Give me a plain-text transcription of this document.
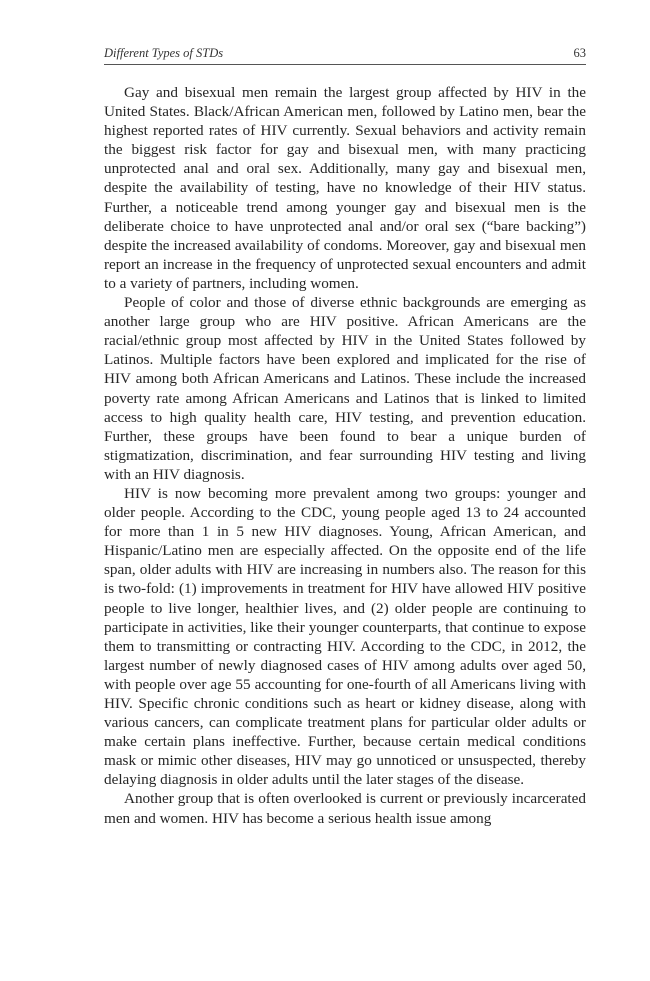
Different Types of STDs	63

Gay and bisexual men remain the largest group affected by HIV in the United States. Black/African American men, followed by Latino men, bear the highest reported rates of HIV currently. Sexual behaviors and activity remain the biggest risk factor for gay and bisexual men, with many practicing unprotected anal and oral sex. Additionally, many gay and bisexual men, despite the availability of testing, have no knowledge of their HIV status. Further, a noticeable trend among younger gay and bisexual men is the deliberate choice to have unprotected anal and/or oral sex (“bare backing”) despite the increased availability of condoms. Moreover, gay and bisexual men report an increase in the frequency of unprotected sexual encounters and admit to a variety of partners, including women.

People of color and those of diverse ethnic backgrounds are emerging as another large group who are HIV positive. African Americans are the racial/ethnic group most affected by HIV in the United States followed by Latinos. Multiple factors have been explored and implicated for the rise of HIV among both African Americans and Latinos. These include the increased poverty rate among African Americans and Latinos that is linked to limited access to high quality health care, HIV testing, and prevention education. Further, these groups have been found to bear a unique burden of stigmatization, discrimination, and fear surrounding HIV testing and living with an HIV diagnosis.

HIV is now becoming more prevalent among two groups: younger and older people. According to the CDC, young people aged 13 to 24 accounted for more than 1 in 5 new HIV diagnoses. Young, African American, and Hispanic/Latino men are especially affected. On the opposite end of the life span, older adults with HIV are increasing in numbers also. The reason for this is two-fold: (1) improvements in treatment for HIV have allowed HIV positive people to live longer, healthier lives, and (2) older people are continuing to participate in activities, like their younger counterparts, that continue to expose them to transmitting or contracting HIV. According to the CDC, in 2012, the largest number of newly diagnosed cases of HIV among adults over aged 50, with people over age 55 accounting for one-fourth of all Americans living with HIV. Specific chronic conditions such as heart or kidney disease, along with various cancers, can complicate treatment plans for particular older adults or make certain plans ineffective. Further, because certain medical conditions mask or mimic other diseases, HIV may go unnoticed or unsuspected, thereby delaying diagnosis in older adults until the later stages of the disease.

Another group that is often overlooked is current or previously incarcerated men and women. HIV has become a serious health issue among
